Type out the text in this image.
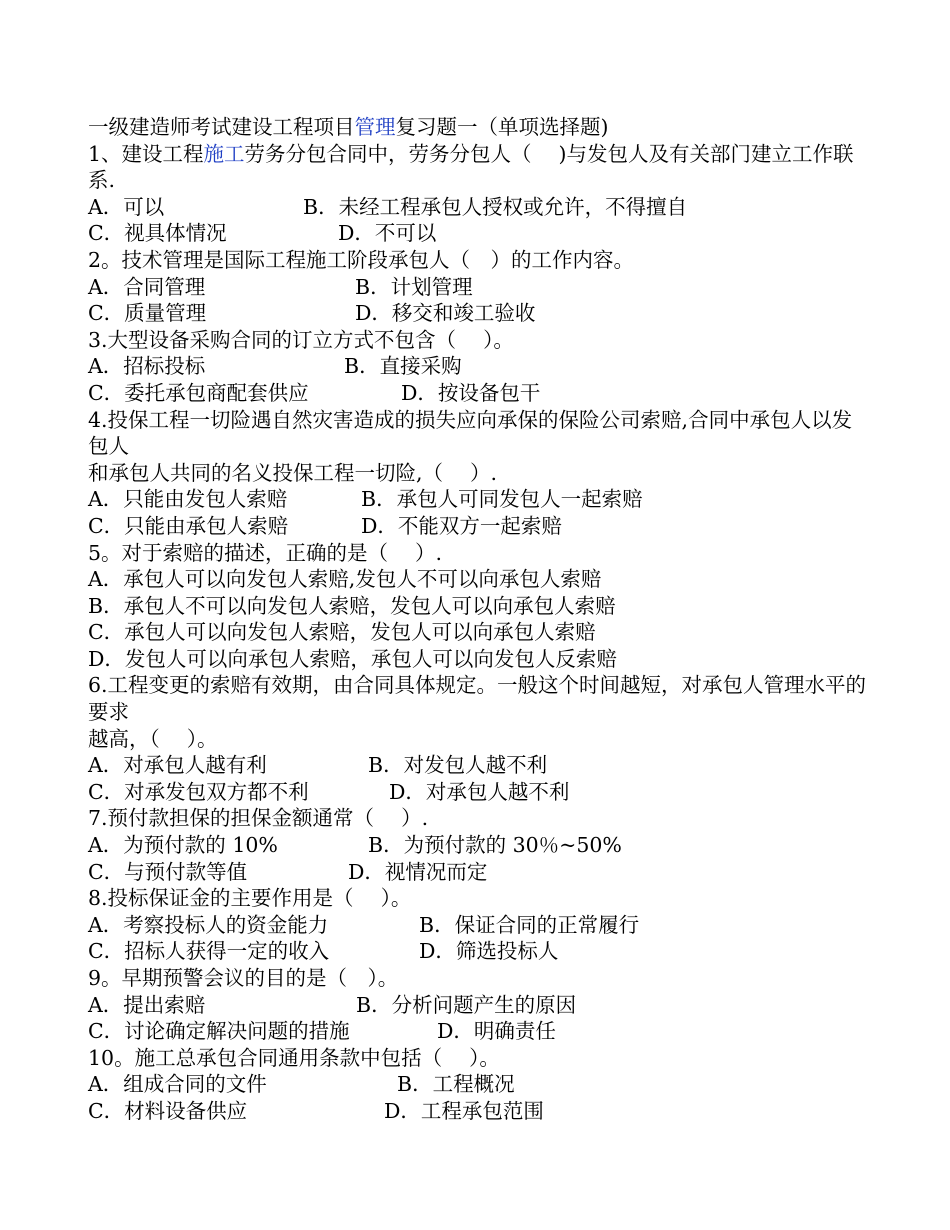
一级建造师考试建设工程项目管理复习题一（单项选择题)
1、建设工程施工劳务分包合同中，劳务分包人（　 )与发包人及有关部门建立工作联系.
A．可以	B．未经工程承包人授权或允许，不得擅自
C．视具体情况	D．不可以
2。技术管理是国际工程施工阶段承包人（　）的工作内容。
A．合同管理	B．计划管理
C．质量管理	D．移交和竣工验收
3.大型设备采购合同的订立方式不包含（　 ）。
A．招标投标	B．直接采购
C．委托承包商配套供应	D．按设备包干
4.投保工程一切险遇自然灾害造成的损失应向承保的保险公司索赔,合同中承包人以发包人
和承包人共同的名义投保工程一切险,（　 ）.
A．只能由发包人索赔	B．承包人可同发包人一起索赔
C．只能由承包人索赔	D．不能双方一起索赔
5。对于索赔的描述，正确的是（　 ）.
A．承包人可以向发包人索赔,发包人不可以向承包人索赔
B．承包人不可以向发包人索赔，发包人可以向承包人索赔
C．承包人可以向发包人索赔，发包人可以向承包人索赔
D．发包人可以向承包人索赔，承包人可以向发包人反索赔
6.工程变更的索赔有效期，由合同具体规定。一般这个时间越短，对承包人管理水平的要求
越高，（　 ）。
A．对承包人越有利	B．对发包人越不利
C．对承发包双方都不利	D．对承包人越不利
7.预付款担保的担保金额通常（　 ）.
A．为预付款的 10%	B．为预付款的 30％~50%
C．与预付款等值	D．视情况而定
8.投标保证金的主要作用是（　 ）。
A．考察投标人的资金能力	B．保证合同的正常履行
C．招标人获得一定的收入	D．筛选投标人
9。早期预警会议的目的是（　）。
A．提出索赔	B．分析问题产生的原因
C．讨论确定解决问题的措施	D．明确责任
10。施工总承包合同通用条款中包括（　 ）。
A．组成合同的文件	B．工程概况
C．材料设备供应	D．工程承包范围
